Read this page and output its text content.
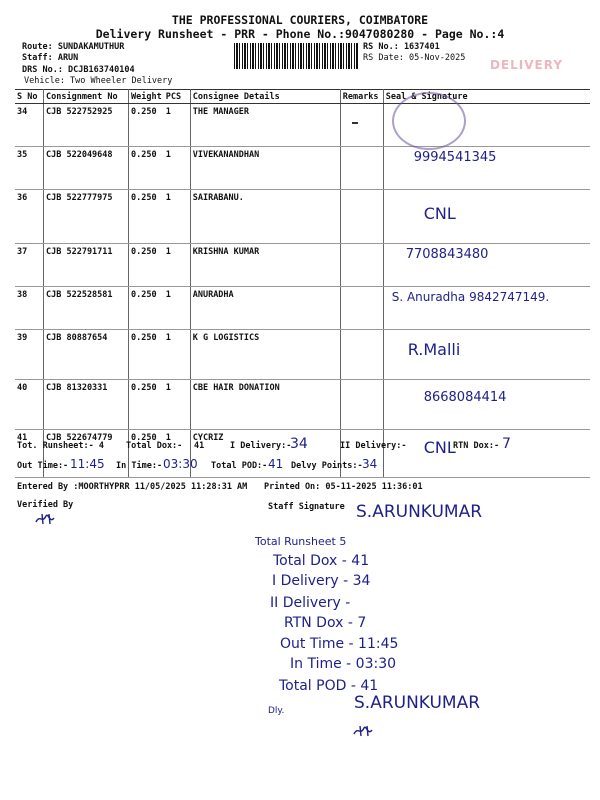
THE PROFESSIONAL COURIERS, COIMBATORE
Delivery Runsheet - PRR - Phone No.:9047080280 - Page No.:4
Route: SUNDAKAMUTHUR
Staff: ARUN
DRS No.: DCJB163740104
Vehicle: Two Wheeler Delivery
RS No.: 1637401
RS Date: 05-Nov-2025 DELIVERY
S No	Consignment No	Weight	PCS	Consignee Details	Remarks	Seal & Signature
34	CJB 522752925	0.250	1	THE MANAGER		
35	CJB 522049648	0.250	1	VIVEKANANDHAN		9994541345
36	CJB 522777975	0.250	1	SAIRABANU.		CNL
37	CJB 522791711	0.250	1	KRISHNA KUMAR		7708843480
38	CJB 522528581	0.250	1	ANURADHA		S. Anuradha 9842747149.
39	CJB 80887654	0.250	1	K G LOGISTICS		R.Malli
40	CJB 81320331	0.250	1	CBE HAIR DONATION		8668084414
41	CJB 522674779	0.250	1	CYCRIZ		CNL
Tot. Runsheet:- 4	Total Dox:- 41	I Delivery:-
34	II Delivery:-	RTN Dox:- 7
Out Time:- 11:45 In Time:- 03:30 Total POD:- 41 Delvy Points:- 34
Entered By :MOORTHYPRR 11/05/2025 11:28:31 AM Printed On: 05-11-2025 11:36:01
Verified By	Staff Signature S.ARUNKUMAR
Total Runsheet 5
Total Dox - 41
I Delivery - 34
II Delivery -
RTN Dox - 7
Out Time - 11:45
In Time - 03:30
Total POD - 41
Dly.	S.ARUNKUMAR
